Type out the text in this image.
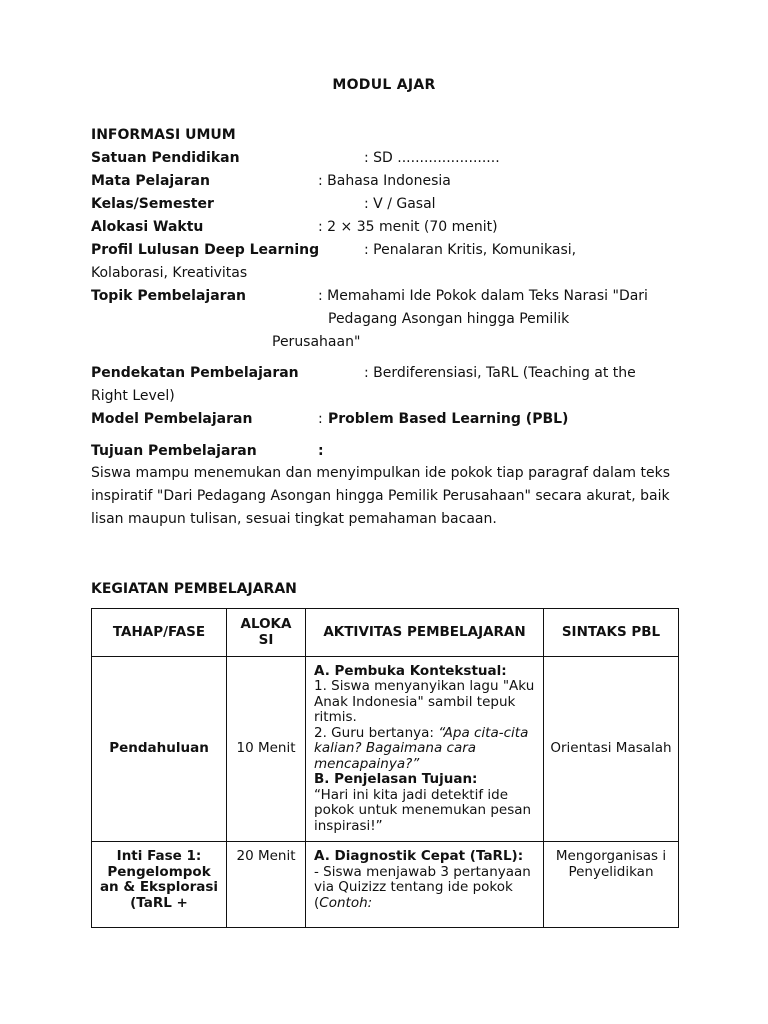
MODUL AJAR
INFORMASI UMUM
Satuan Pendidikan	: SD .......................
Mata Pelajaran	: Bahasa Indonesia
Kelas/Semester	: V / Gasal
Alokasi Waktu	: 2 × 35 menit (70 menit)
Profil Lulusan Deep Learning	: Penalaran Kritis, Komunikasi,
Kolaborasi, Kreativitas
Topik Pembelajaran	: Memahami Ide Pokok dalam Teks Narasi "Dari
Pedagang Asongan hingga Pemilik
Perusahaan"
Pendekatan Pembelajaran	: Berdiferensiasi, TaRL (Teaching at the
Right Level)
Model Pembelajaran	: Problem Based Learning (PBL)
Tujuan Pembelajaran	:
Siswa mampu menemukan dan menyimpulkan ide pokok tiap paragraf dalam teks inspiratif "Dari Pedagang Asongan hingga Pemilik Perusahaan" secara akurat, baik lisan maupun tulisan, sesuai tingkat pemahaman bacaan.
KEGIATAN PEMBELAJARAN
TAHAP/FASE	ALOKA SI	AKTIVITAS PEMBELAJARAN	SINTAKS PBL
Pendahuluan	10 Menit	A. Pembuka Kontekstual:

1. Siswa menyanyikan lagu "Aku Anak Indonesia" sambil tepuk ritmis.

2. Guru bertanya: “Apa cita-cita kalian? Bagaimana cara mencapainya?”

B. Penjelasan Tujuan:

“Hari ini kita jadi detektif ide pokok untuk menemukan pesan inspirasi!”	Orientasi Masalah
Inti Fase 1: Pengelompok an & Eksplorasi (TaRL +	20 Menit	A. Diagnostik Cepat (TaRL):

- Siswa menjawab 3 pertanyaan via Quizizz tentang ide pokok (Contoh:	Mengorganisas i Penyelidikan
